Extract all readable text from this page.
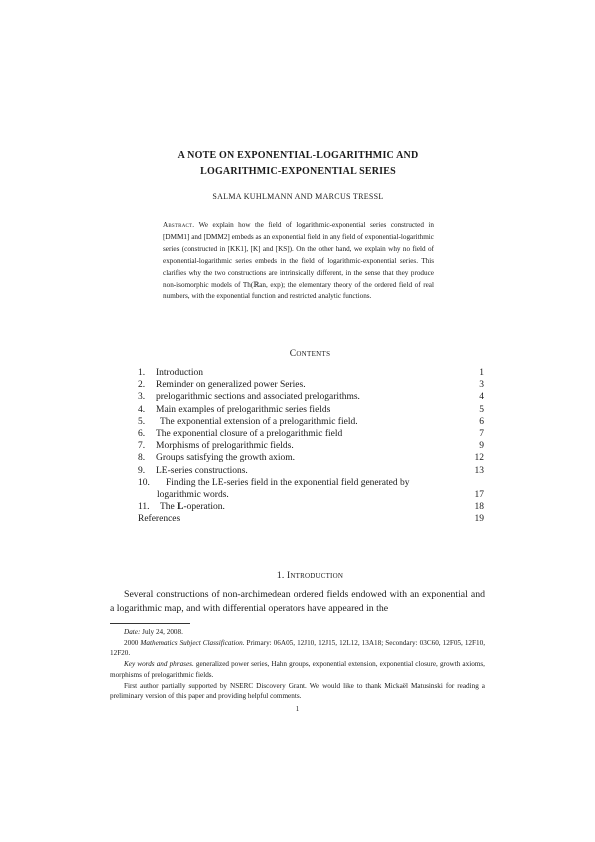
A NOTE ON EXPONENTIAL-LOGARITHMIC AND
LOGARITHMIC-EXPONENTIAL SERIES
SALMA KUHLMANN AND MARCUS TRESSL
Abstract. We explain how the field of logarithmic-exponential series constructed in [DMM1] and [DMM2] embeds as an exponential field in any field of exponential-logarithmic series (constructed in [KK1], [K] and [KS]). On the other hand, we explain why no field of exponential-logarithmic series embeds in the field of logarithmic-exponential series. This clarifies why the two constructions are intrinsically different, in the sense that they produce non-isomorphic models of Th(ℝan, exp); the elementary theory of the ordered field of real numbers, with the exponential function and restricted analytic functions.
Contents
1.	Introduction	1
2.	Reminder on generalized power Series.	3
3.	prelogarithmic sections and associated prelogarithms.	4
4.	Main examples of prelogarithmic series fields	5
5.	The exponential extension of a prelogarithmic field.	6
6.	The exponential closure of a prelogarithmic field	7
7.	Morphisms of prelogarithmic fields.	9
8.	Groups satisfying the growth axiom.	12
9.	LE-series constructions.	13
10.	Finding the LE-series field in the exponential field generated by
logarithmic words.	17
11.	The L-operation.	18
References	19
1. Introduction
Several constructions of non-archimedean ordered fields endowed with an exponential and a logarithmic map, and with differential operators have appeared in the

Date: July 24, 2008.

2000 Mathematics Subject Classification. Primary: 06A05, 12J10, 12J15, 12L12, 13A18; Secondary: 03C60, 12F05, 12F10, 12F20.

Key words and phrases. generalized power series, Hahn groups, exponential extension, exponential closure, growth axioms, morphisms of prelogarithmic fields.

First author partially supported by NSERC Discovery Grant. We would like to thank Mickaël Matusinski for reading a preliminary version of this paper and providing helpful comments.

1
